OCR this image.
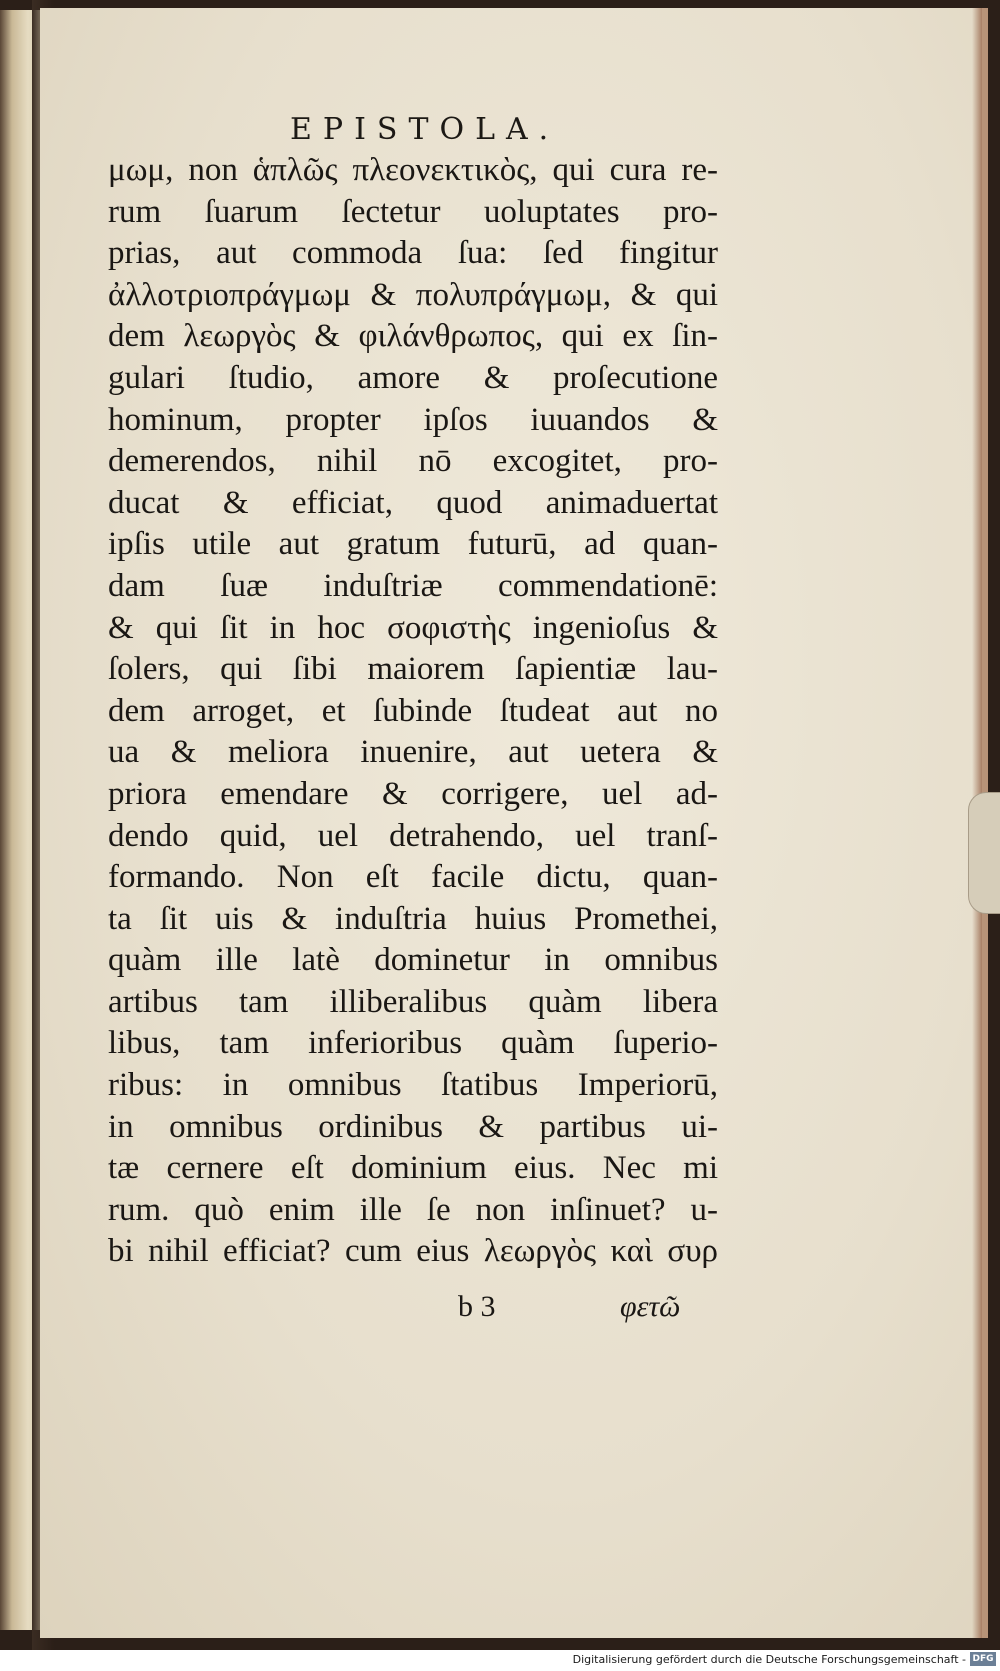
EPISTOLA.
μωμ, non ἁπλῶς πλεονεκτικὸς, qui cura re-
rum ſuarum ſectetur uoluptates pro-
prias, aut commoda ſua: ſed fingitur
ἀλλοτριοπράγμωμ & πολυπράγμωμ, & qui
dem λεωργὸς & φιλάνθρωπος, qui ex ſin-
gulari ſtudio, amore & proſecutione
hominum, propter ipſos iuuandos &
demerendos, nihil nō excogitet, pro-
ducat & efficiat, quod animaduertat
ipſis utile aut gratum futurū, ad quan-
dam ſuæ induſtriæ commendationē:
& qui ſit in hoc σοφιστὴς ingenioſus &
ſolers, qui ſibi maiorem ſapientiæ lau-
dem arroget, et ſubinde ſtudeat aut no
ua & meliora inuenire, aut uetera &
priora emendare & corrigere, uel ad-
dendo quid, uel detrahendo, uel tranſ-
formando. Non eſt facile dictu, quan-
ta ſit uis & induſtria huius Promethei,
quàm ille latè dominetur in omnibus
artibus tam illiberalibus quàm libera
libus, tam inferioribus quàm ſuperio-
ribus: in omnibus ſtatibus Imperiorū,
in omnibus ordinibus & partibus ui-
tæ cernere eſt dominium eius. Nec mi
rum. quò enim ille ſe non inſinuet? u-
bi nihil efficiat? cum eius λεωργὸς καὶ συρ
b 3	φετῶ
Digitalisierung gefördert durch die Deutsche Forschungsgemeinschaft - DFG
